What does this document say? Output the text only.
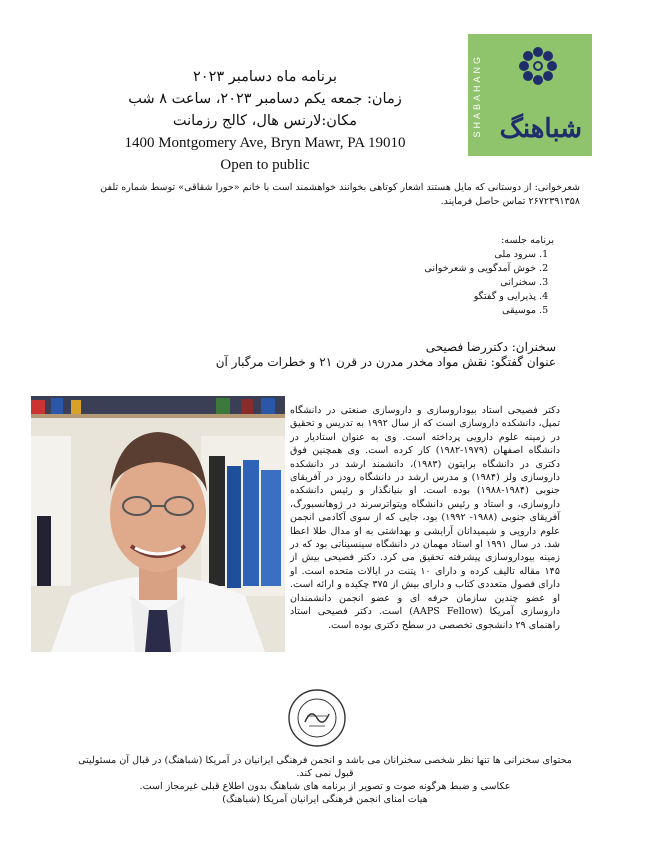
برنامه ماه دسامبر ۲۰۲۳
زمان: جمعه یکم دسامبر ۲۰۲۳، ساعت ۸ شب
مکان:لارنس هال، کالج رزمانت
1400 Montgomery Ave, Bryn Mawr, PA 19010
Open to public
SHABAHANG شباهنگ
شعرخوانی: از دوستانی که مایل هستند اشعار کوتاهی بخوانند خواهشمند است با خانم «حورا شقاقی» توسط شماره تلفن ۲۶۷۲۳۹۱۳۵۸ تماس حاصل فرمایند.
برنامه جلسه:
1. سرود ملی
2. خوش آمدگویی و شعرخوانی
3. سخنرانی
4. پذیرایی و گفتگو
5. موسیقی
سخنران: دکتررضا فصیحی
عنوان گفتگو: نقش مواد مخدر مدرن در قرن ۲۱ و خطرات مرگبار آن
دکتر فصیحی استاد بیوداروسازی و داروسازی صنعتی در دانشگاه تمپل، دانشکده داروسازی است که از سال ۱۹۹۲ به تدریس و تحقیق در زمینه علوم دارویی پرداخته است. وی به عنوان استادیار در دانشگاه اصفهان (۱۹۷۹-۱۹۸۲) کار کرده است. وی همچنین فوق دکتری در دانشگاه برایتون (۱۹۸۳)، دانشمند ارشد در دانشکده داروسازی ولز (۱۹۸۴) و مدرس ارشد در دانشگاه رودز در آفریقای جنوبی (۱۹۸۴-۱۹۸۸) بوده است. او بنیانگذار و رئیس دانشکده داروسازی، و استاد و رئیس دانشگاه ویتواترسرند در ژوهانسبورگ، آفریقای جنوبی (۱۹۸۸- ۱۹۹۲) بود، جایی که از سوی آکادمی انجمن علوم دارویی و شیمیدانان آرایشی و بهداشتی به او مدال طلا اعطا شد. در سال ۱۹۹۱ او استاد مهمان در دانشگاه سینسیناتی بود که در زمینه بیوداروسازی پیشرفته تحقیق می کرد. دکتر فصیحی بیش از ۱۴۵ مقاله تالیف کرده و دارای ۱۰ پتنت در ایالات متحده است. او دارای فصول متعددی کتاب و دارای بیش از ۳۷۵ چکیده و ارائه است. او عضو چندین سازمان حرفه ای و عضو انجمن دانشمندان داروسازی آمریکا (AAPS Fellow) است. دکتر فصیحی استاد راهنمای ۲۹ دانشجوی تخصصی در سطح دکتری بوده است.
محتوای سخنرانی ها تنها نظر شخصی سخنرانان می باشد و انجمن فرهنگی ایرانیان در آمریکا (شباهنگ) در قبال آن مسئولیتی قبول نمی کند.
عکاسی و ضبط هرگونه صوت و تصویر از برنامه های شباهنگ بدون اطلاع قبلی غیرمجاز است.
هیات امنای انجمن فرهنگی ایرانیان آمریکا (شباهنگ)
